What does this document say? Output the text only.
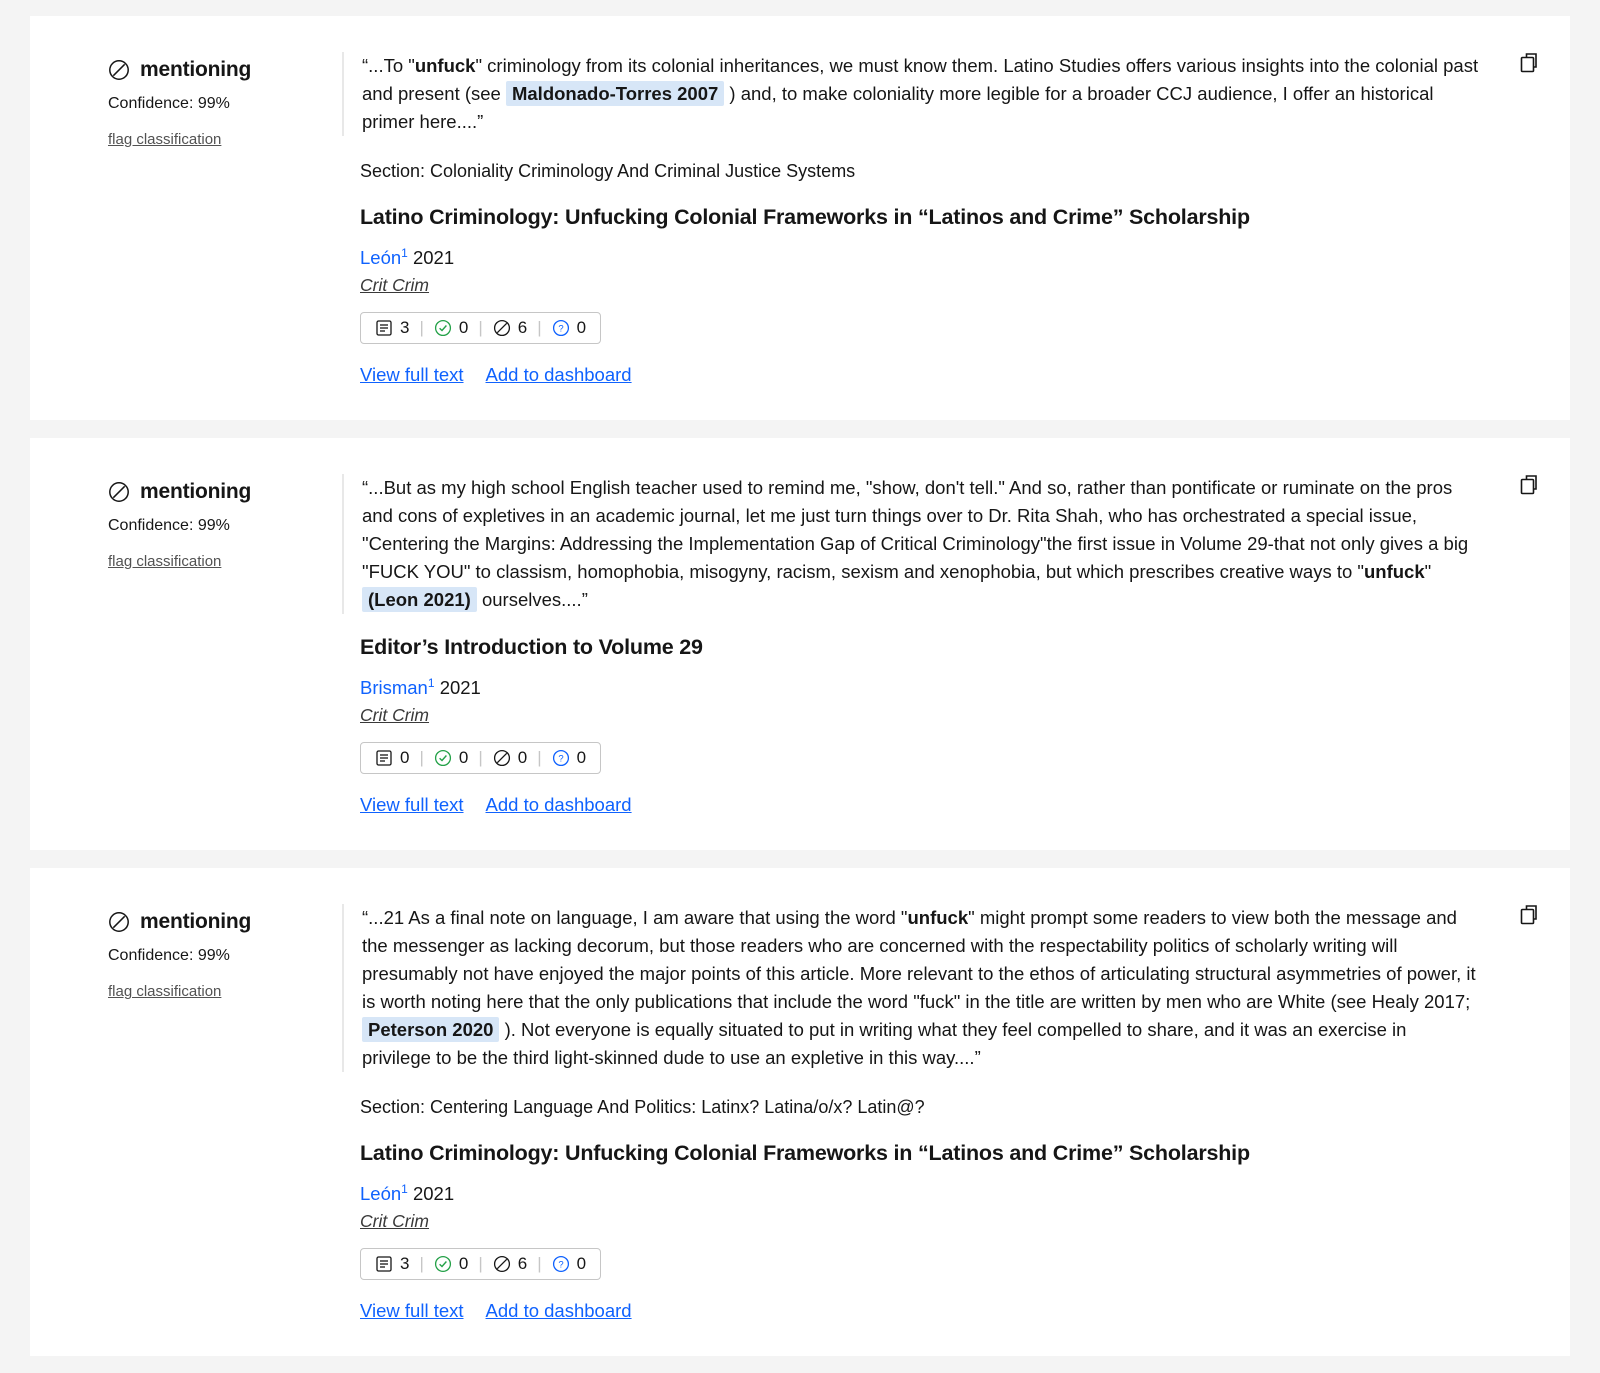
mentioning
Confidence: 99%
flag classification
“...To "unfuck" criminology from its colonial inheritances, we must know them. Latino Studies offers various insights into the colonial past and present (see Maldonado-Torres 2007 ) and, to make coloniality more legible for a broader CCJ audience, I offer an historical primer here....”
Section: Coloniality Criminology And Criminal Justice Systems
Latino Criminology: Unfucking Colonial Frameworks in “Latinos and Crime” Scholarship
León$^1$ 2021
Crit Crim
3 | 0 | 6 | ? 0
View full text Add to dashboard
mentioning
Confidence: 99%
flag classification
“...But as my high school English teacher used to remind me, "show, don't tell." And so, rather than pontificate or ruminate on the pros and cons of expletives in an academic journal, let me just turn things over to Dr. Rita Shah, who has orchestrated a special issue, "Centering the Margins: Addressing the Implementation Gap of Critical Criminology"the first issue in Volume 29-that not only gives a big "FUCK YOU" to classism, homophobia, misogyny, racism, sexism and xenophobia, but which prescribes creative ways to "unfuck" (Leon 2021) ourselves....”
Editor’s Introduction to Volume 29
Brisman$^1$ 2021
Crit Crim
0 | 0 | 0 | ? 0
View full text Add to dashboard
mentioning
Confidence: 99%
flag classification
“...21 As a final note on language, I am aware that using the word "unfuck" might prompt some readers to view both the message and the messenger as lacking decorum, but those readers who are concerned with the respectability politics of scholarly writing will presumably not have enjoyed the major points of this article. More relevant to the ethos of articulating structural asymmetries of power, it is worth noting here that the only publications that include the word "fuck" in the title are written by men who are White (see Healy 2017; Peterson 2020 ). Not everyone is equally situated to put in writing what they feel compelled to share, and it was an exercise in privilege to be the third light-skinned dude to use an expletive in this way....”
Section: Centering Language And Politics: Latinx? Latina/o/x? Latin@?
Latino Criminology: Unfucking Colonial Frameworks in “Latinos and Crime” Scholarship
León$^1$ 2021
Crit Crim
3 | 0 | 6 | ? 0
View full text Add to dashboard
